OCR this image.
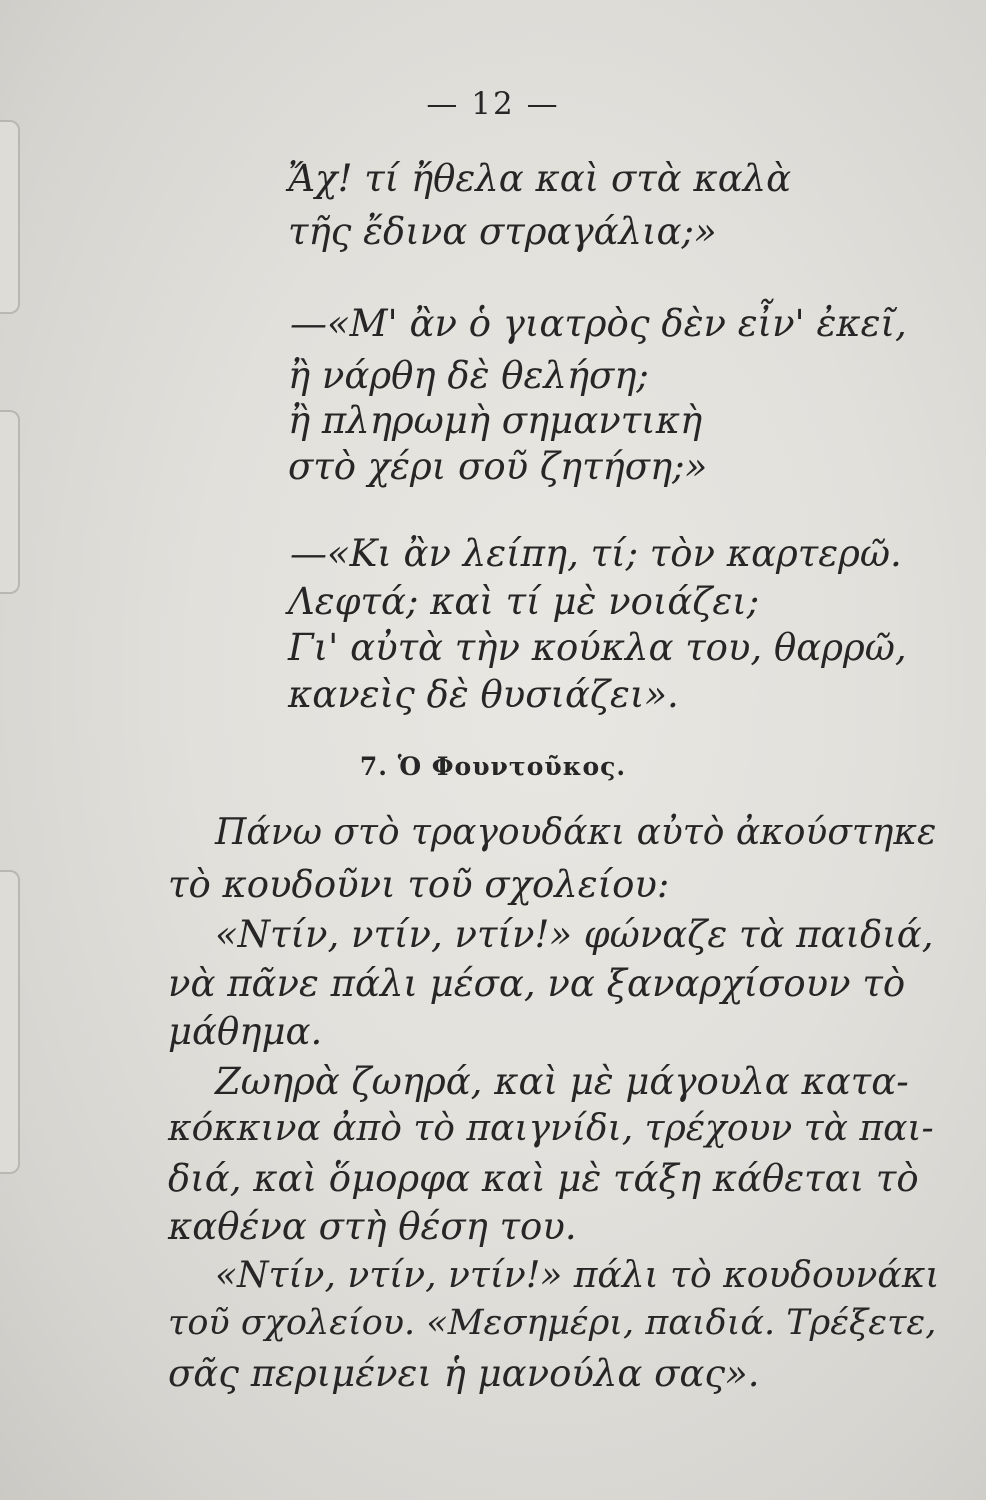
— 12 —
Ἄχ! τί ἤθελα καὶ στὰ καλὰ
τῆς ἔδινα στραγάλια;»
—«Μ' ἂν ὁ γιατρὸς δὲν εἶν' ἐκεῖ,
ἢ νάρθη δὲ θελήση;
ἢ πληρωμὴ σημαντικὴ
στὸ χέρι σοῦ ζητήση;»
—«Κι ἂν λείπη, τί; τὸν καρτερῶ.
Λεφτά; καὶ τί μὲ νοιάζει;
Γι' αὐτὰ τὴν κούκλα του, θαρρῶ,
κανεὶς δὲ θυσιάζει».
7. Ὁ Φουντοῦκος.
Πάνω στὸ τραγουδάκι αὐτὸ ἀκούστηκε
τὸ κουδοῦνι τοῦ σχολείου:
«Ντίν, ντίν, ντίν!» φώναζε τὰ παιδιά,
νὰ πᾶνε πάλι μέσα, να ξαναρχίσουν τὸ
μάθημα.
Ζωηρὰ ζωηρά, καὶ μὲ μάγουλα κατα-
κόκκινα ἀπὸ τὸ παιγνίδι, τρέχουν τὰ παι-
διά, καὶ ὅμορφα καὶ μὲ τάξη κάθεται τὸ
καθένα στὴ θέση του.
«Ντίν, ντίν, ντίν!» πάλι τὸ κουδουνάκι
τοῦ σχολείου. «Μεσημέρι, παιδιά. Τρέξετε,
σᾶς περιμένει ἡ μανούλα σας».
